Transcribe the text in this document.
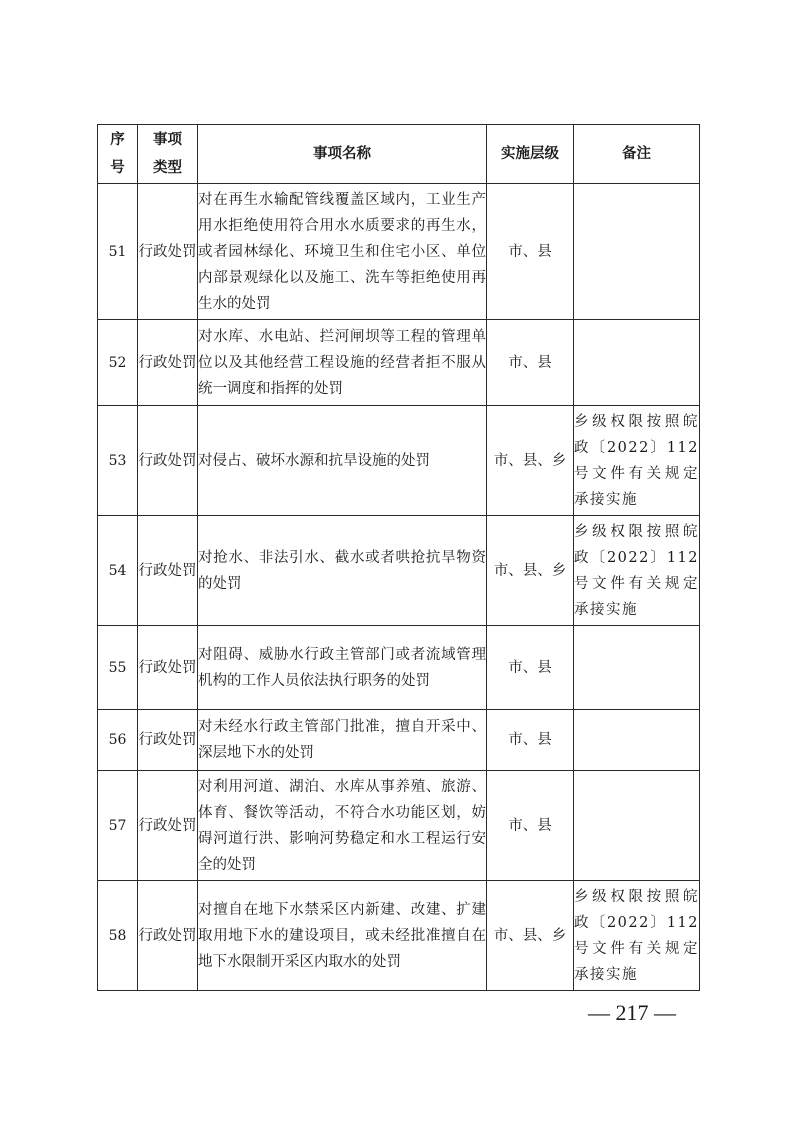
序号	事项类型	事项名称	实施层级	备注
51	行政处罚	对在再生水输配管线覆盖区域内，工业生产用水拒绝使用符合用水水质要求的再生水，或者园林绿化、环境卫生和住宅小区、单位内部景观绿化以及施工、洗车等拒绝使用再生水的处罚	市、县	
52	行政处罚	对水库、水电站、拦河闸坝等工程的管理单位以及其他经营工程设施的经营者拒不服从统一调度和指挥的处罚	市、县	
53	行政处罚	对侵占、破坏水源和抗旱设施的处罚	市、县、乡	乡级权限按照皖政〔2022〕112号文件有关规定承接实施
54	行政处罚	对抢水、非法引水、截水或者哄抢抗旱物资的处罚	市、县、乡	乡级权限按照皖政〔2022〕112号文件有关规定承接实施
55	行政处罚	对阻碍、威胁水行政主管部门或者流域管理机构的工作人员依法执行职务的处罚	市、县	
56	行政处罚	对未经水行政主管部门批准，擅自开采中、深层地下水的处罚	市、县	
57	行政处罚	对利用河道、湖泊、水库从事养殖、旅游、体育、餐饮等活动，不符合水功能区划，妨碍河道行洪、影响河势稳定和水工程运行安全的处罚	市、县	
58	行政处罚	对擅自在地下水禁采区内新建、改建、扩建取用地下水的建设项目，或未经批准擅自在地下水限制开采区内取水的处罚	市、县、乡	乡级权限按照皖政〔2022〕112号文件有关规定承接实施
— 217 —
